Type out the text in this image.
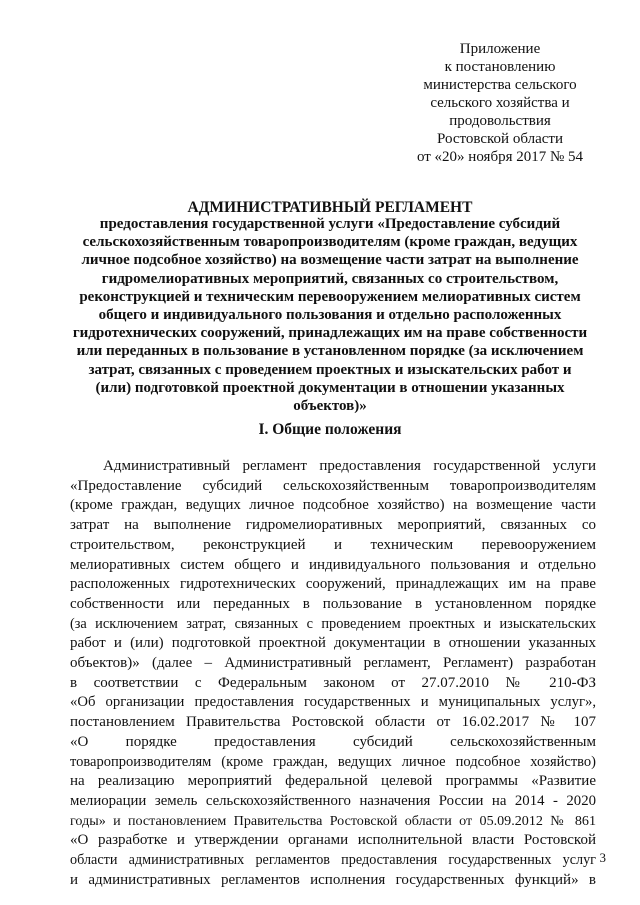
Приложение
к постановлению
министерства сельского
сельского хозяйства и
продовольствия
Ростовской области
от «20» ноября 2017 № 54
АДМИНИСТРАТИВНЫЙ РЕГЛАМЕНТ
предоставления государственной услуги «Предоставление субсидий
сельскохозяйственным товаропроизводителям (кроме граждан, ведущих
личное подсобное хозяйство) на возмещение части затрат на выполнение
гидромелиоративных мероприятий, связанных со строительством,
реконструкцией и техническим перевооружением мелиоративных систем
общего и индивидуального пользования и отдельно расположенных
гидротехнических сооружений, принадлежащих им на праве собственности
или переданных в пользование в установленном порядке (за исключением
затрат, связанных с проведением проектных и изыскательских работ и
(или) подготовкой проектной документации в отношении указанных
объектов)»
I. Общие положения
Административный регламент предоставления государственной услуги
«Предоставление субсидий сельскохозяйственным товаропроизводителям
(кроме граждан, ведущих личное подсобное хозяйство) на возмещение части
затрат на выполнение гидромелиоративных мероприятий, связанных со
строительством, реконструкцией и техническим перевооружением
мелиоративных систем общего и индивидуального пользования и отдельно
расположенных гидротехнических сооружений, принадлежащих им на праве
собственности или переданных в пользование в установленном порядке
(за исключением затрат, связанных с проведением проектных и изыскательских
работ и (или) подготовкой проектной документации в отношении указанных
объектов)» (далее – Административный регламент, Регламент) разработан
в соответствии с Федеральным законом от 27.07.2010 № 210-ФЗ
«Об организации предоставления государственных и муниципальных услуг»,
постановлением Правительства Ростовской области от 16.02.2017 № 107
«О порядке предоставления субсидий сельскохозяйственным
товаропроизводителям (кроме граждан, ведущих личное подсобное хозяйство)
на реализацию мероприятий федеральной целевой программы «Развитие
мелиорации земель сельскохозяйственного назначения России на 2014 - 2020
годы» и постановлением Правительства Ростовской области от 05.09.2012 № 861
«О разработке и утверждении органами исполнительной власти Ростовской
области административных регламентов предоставления государственных услуг
и административных регламентов исполнения государственных функций» в
3
